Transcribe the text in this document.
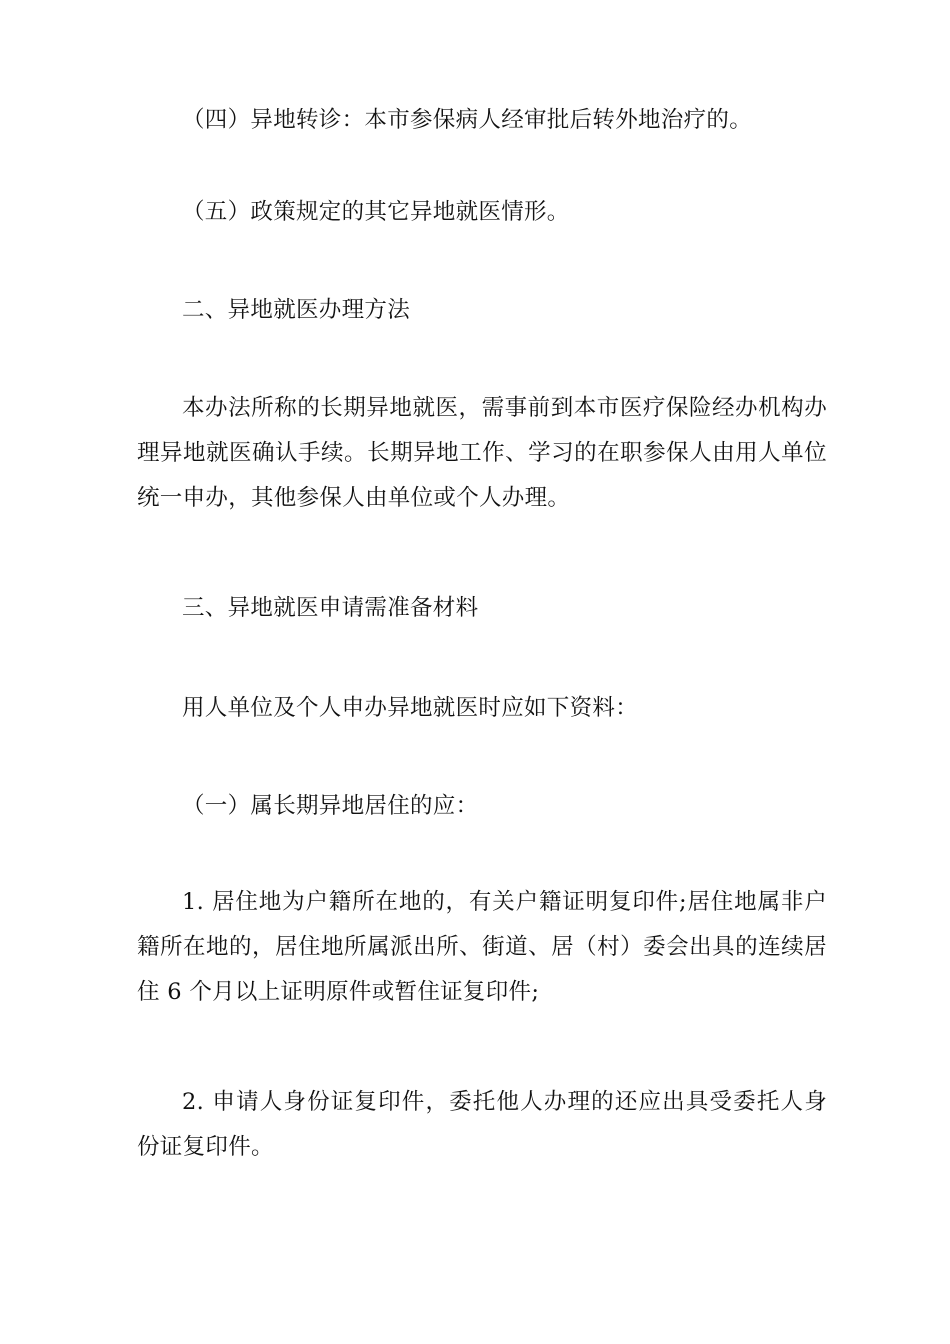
（四）异地转诊：本市参保病人经审批后转外地治疗的。

（五）政策规定的其它异地就医情形。

二、异地就医办理方法

本办法所称的长期异地就医，需事前到本市医疗保险经办机构办理异地就医确认手续。长期异地工作、学习的在职参保人由用人单位统一申办，其他参保人由单位或个人办理。

三、异地就医申请需准备材料

用人单位及个人申办异地就医时应如下资料：

（一）属长期异地居住的应：

1. 居住地为户籍所在地的，有关户籍证明复印件;居住地属非户籍所在地的，居住地所属派出所、街道、居（村）委会出具的连续居住 6 个月以上证明原件或暂住证复印件;

2. 申请人身份证复印件，委托他人办理的还应出具受委托人身份证复印件。
